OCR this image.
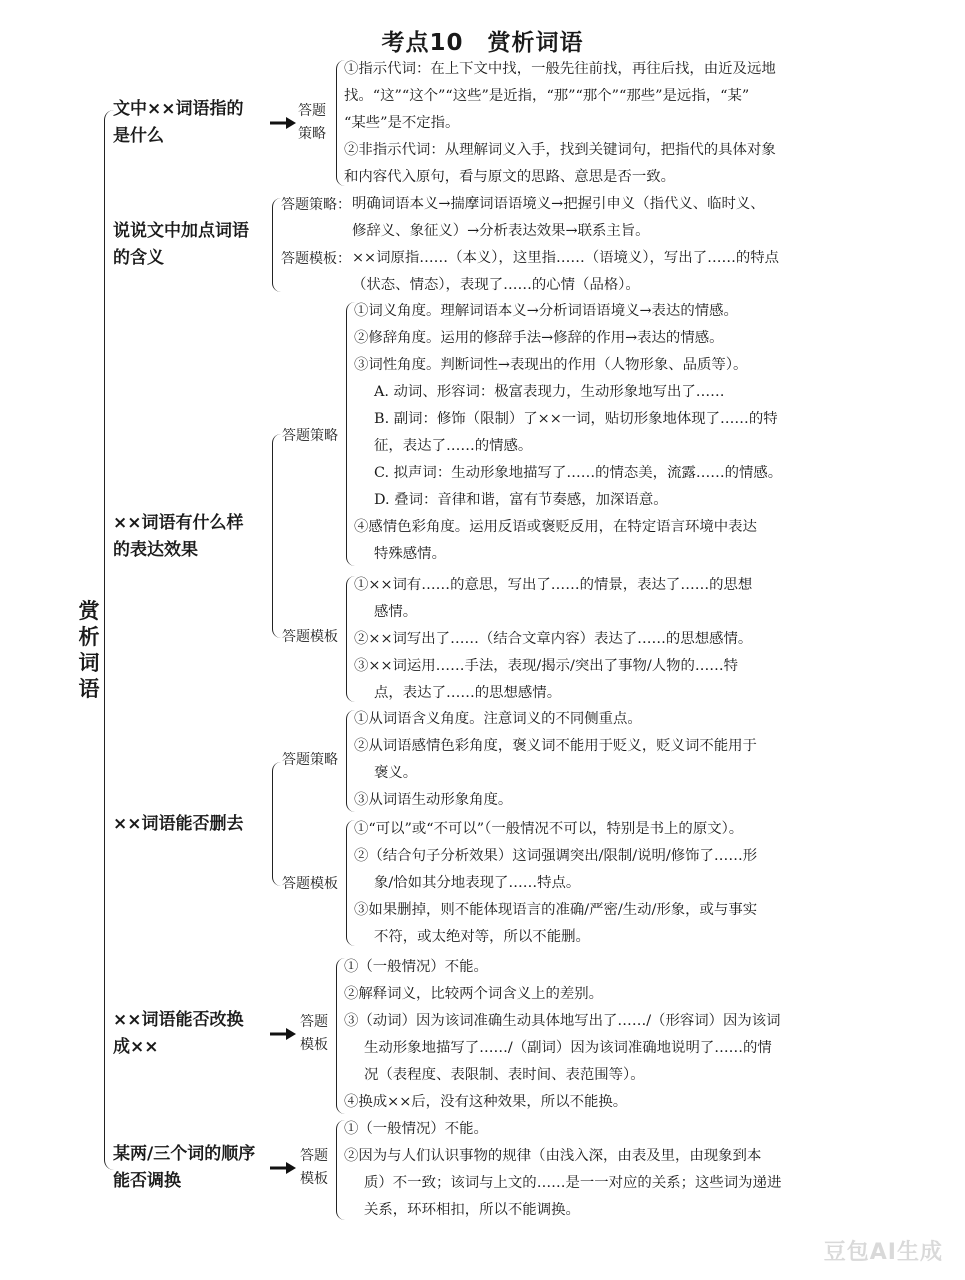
考点10　赏析词语
赏析词语
文中××词语指的
是什么
答题
策略
①指示代词：在上下文中找，一般先往前找，再往后找，由近及远地
找。“这”“这个”“这些”是近指，“那”“那个”“那些”是远指，“某”
“某些”是不定指。
②非指示代词：从理解词义入手，找到关键词句，把指代的具体对象
和内容代入原句，看与原文的思路、意思是否一致。
说说文中加点词语
的含义
答题策略： 明确词语本义→揣摩词语语境义→把握引申义（指代义、临时义、
修辞义、象征义）→分析表达效果→联系主旨。
答题模板： ××词原指……（本义），这里指……（语境义），写出了……的特点
（状态、情态），表现了……的心情（品格）。
××词语有什么样
的表达效果
答题策略
①词义角度。理解词语本义→分析词语语境义→表达的情感。
②修辞角度。运用的修辞手法→修辞的作用→表达的情感。
③词性角度。判断词性→表现出的作用（人物形象、品质等）。
A. 动词、形容词：极富表现力，生动形象地写出了……
B. 副词：修饰（限制）了××一词，贴切形象地体现了……的特
征，表达了……的情感。
C. 拟声词：生动形象地描写了……的情态美，流露……的情感。
D. 叠词：音律和谐，富有节奏感，加深语意。
④感情色彩角度。运用反语或褒贬反用，在特定语言环境中表达
特殊感情。
答题模板
①××词有……的意思，写出了……的情景，表达了……的思想
感情。
②××词写出了……（结合文章内容）表达了……的思想感情。
③××词运用……手法，表现/揭示/突出了事物/人物的……特
点，表达了……的思想感情。
××词语能否删去
答题策略
①从词语含义角度。注意词义的不同侧重点。
②从词语感情色彩角度，褒义词不能用于贬义，贬义词不能用于
褒义。
③从词语生动形象角度。
答题模板
①“可以”或“不可以”（一般情况不可以，特别是书上的原文）。
②（结合句子分析效果）这词强调突出/限制/说明/修饰了……形
象/恰如其分地表现了……特点。
③如果删掉，则不能体现语言的准确/严密/生动/形象，或与事实
不符，或太绝对等，所以不能删。
××词语能否改换
成××
答题
模板
①（一般情况）不能。
②解释词义，比较两个词含义上的差别。
③（动词）因为该词准确生动具体地写出了……/（形容词）因为该词
生动形象地描写了……/（副词）因为该词准确地说明了……的情
况（表程度、表限制、表时间、表范围等）。
④换成××后，没有这种效果，所以不能换。
某两/三个词的顺序
能否调换
答题
模板
①（一般情况）不能。
②因为与人们认识事物的规律（由浅入深，由表及里，由现象到本
质）不一致；该词与上文的……是一一对应的关系；这些词为递进
关系，环环相扣，所以不能调换。
豆包AI生成
